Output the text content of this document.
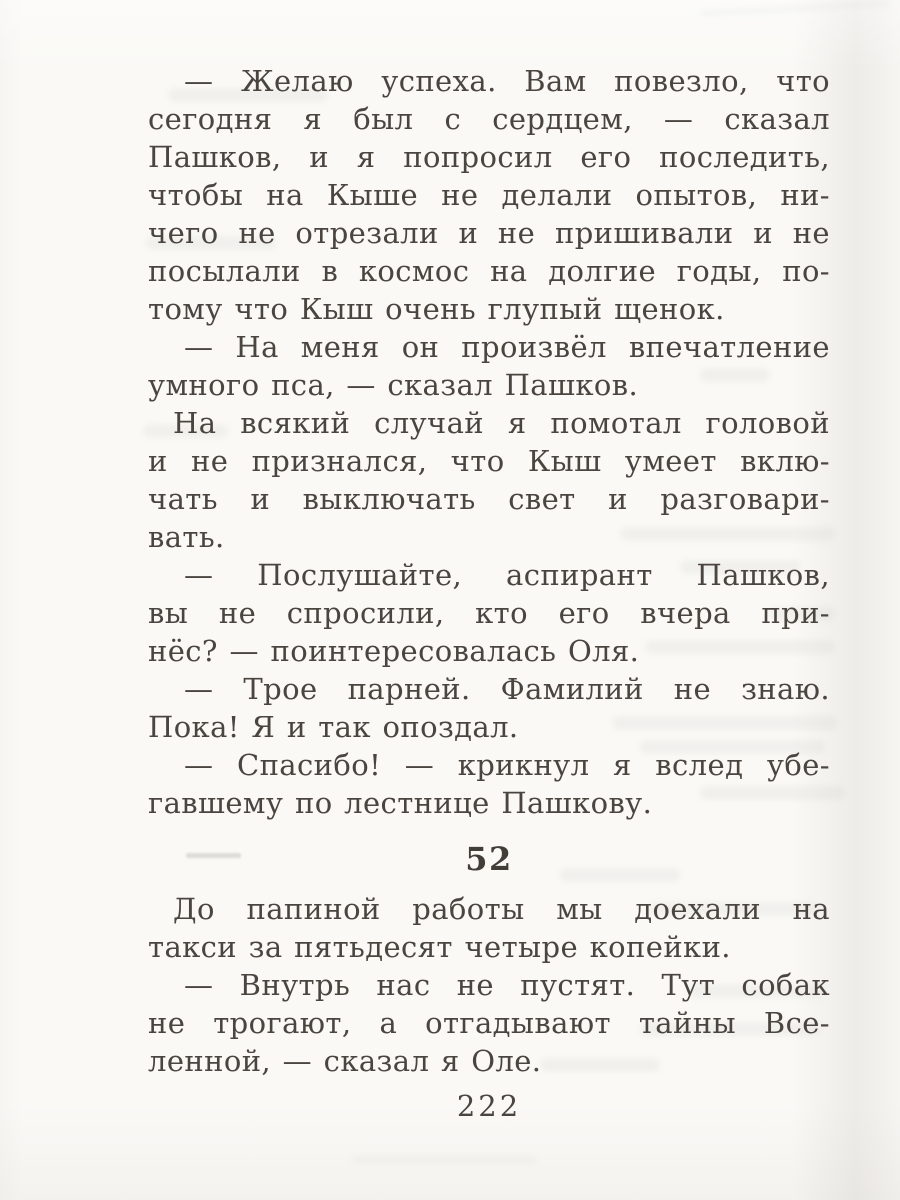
— Желаю успеха. Вам повезло, что
сегодня я был с сердцем, — сказал
Пашков, и я попросил его последить,
чтобы на Кыше не делали опытов, ни-
чего не отрезали и не пришивали и не
посылали в космос на долгие годы, по-
тому что Кыш очень глупый щенок.
— На меня он произвёл впечатление
умного пса, — сказал Пашков.
На всякий случай я помотал головой
и не признался, что Кыш умеет вклю-
чать и выключать свет и разговари-
вать.
— Послушайте, аспирант Пашков,
вы не спросили, кто его вчера при-
нёс? — поинтересовалась Оля.
— Трое парней. Фамилий не знаю.
Пока! Я и так опоздал.
— Спасибо! — крикнул я вслед убе-
гавшему по лестнице Пашкову.
52
До папиной работы мы доехали на
такси за пятьдесят четыре копейки.
— Внутрь нас не пустят. Тут собак
не трогают, а отгадывают тайны Все-
ленной, — сказал я Оле.
222
